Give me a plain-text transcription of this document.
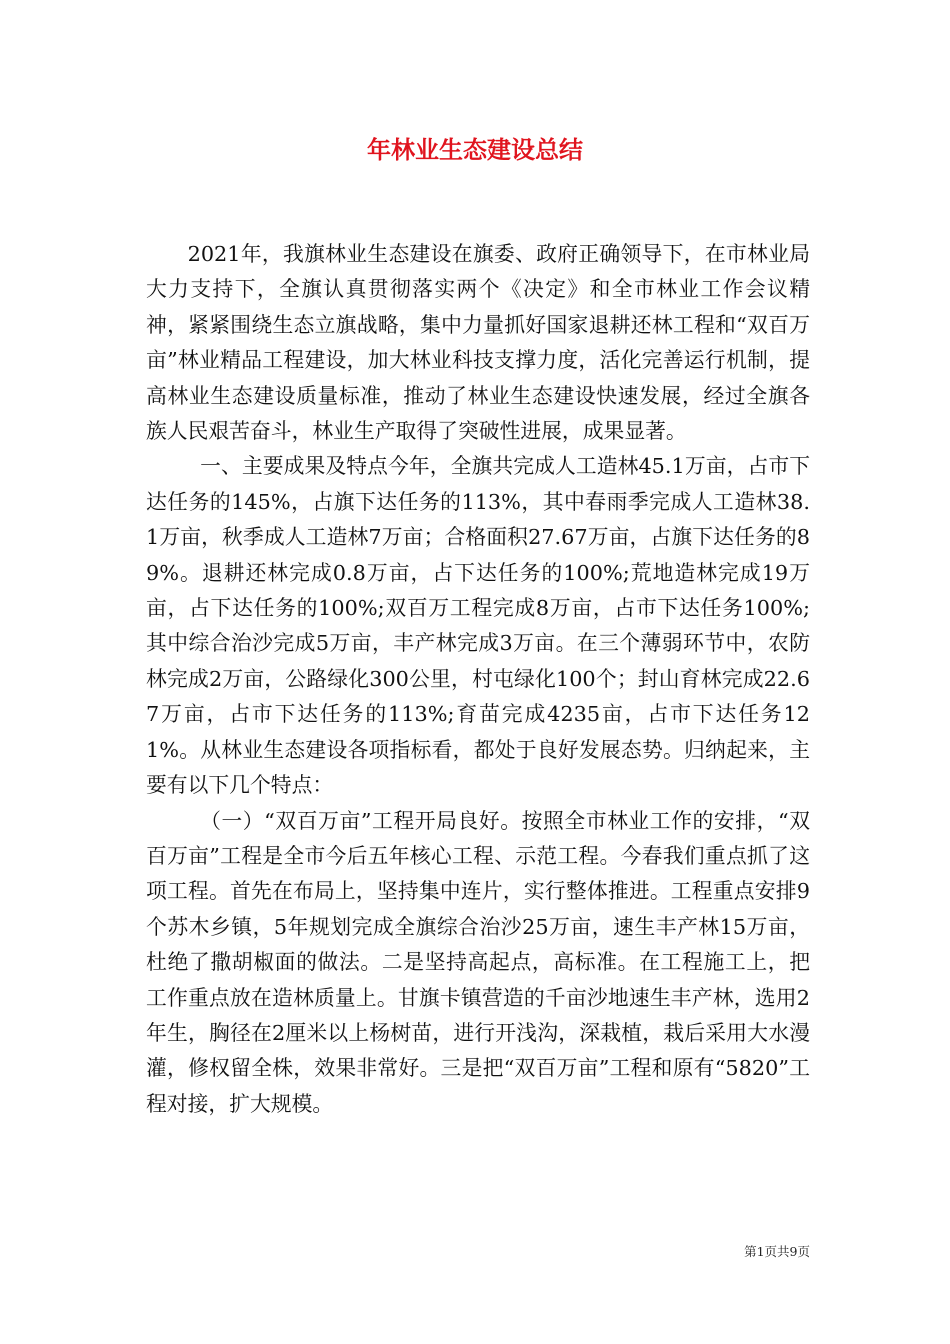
年林业生态建设总结

2021年，我旗林业生态建设在旗委、政府正确领导下，在市林业局大力支持下，全旗认真贯彻落实两个《决定》和全市林业工作会议精神，紧紧围绕生态立旗战略，集中力量抓好国家退耕还林工程和“双百万亩”林业精品工程建设，加大林业科技支撑力度，活化完善运行机制，提高林业生态建设质量标准，推动了林业生态建设快速发展，经过全旗各族人民艰苦奋斗，林业生产取得了突破性进展，成果显著。

一、主要成果及特点今年，全旗共完成人工造林45.1万亩，占市下达任务的145%，占旗下达任务的113%，其中春雨季完成人工造林38.1万亩，秋季成人工造林7万亩；合格面积27.67万亩，占旗下达任务的89%。退耕还林完成0.8万亩，占下达任务的100%;荒地造林完成19万亩，占下达任务的100%;双百万工程完成8万亩，占市下达任务100%;其中综合治沙完成5万亩，丰产林完成3万亩。在三个薄弱环节中，农防林完成2万亩，公路绿化300公里，村屯绿化100个；封山育林完成22.67万亩，占市下达任务的113%;育苗完成4235亩，占市下达任务121%。从林业生态建设各项指标看，都处于良好发展态势。归纳起来，主要有以下几个特点：

（一）“双百万亩”工程开局良好。按照全市林业工作的安排，“双百万亩”工程是全市今后五年核心工程、示范工程。今春我们重点抓了这项工程。首先在布局上，坚持集中连片，实行整体推进。工程重点安排9个苏木乡镇，5年规划完成全旗综合治沙25万亩，速生丰产林15万亩，杜绝了撒胡椒面的做法。二是坚持高起点，高标准。在工程施工上，把工作重点放在造林质量上。甘旗卡镇营造的千亩沙地速生丰产林，选用2年生，胸径在2厘米以上杨树苗，进行开浅沟，深栽植，栽后采用大水漫灌，修权留全株，效果非常好。三是把“双百万亩”工程和原有“5820”工程对接，扩大规模。

第1页共9页
